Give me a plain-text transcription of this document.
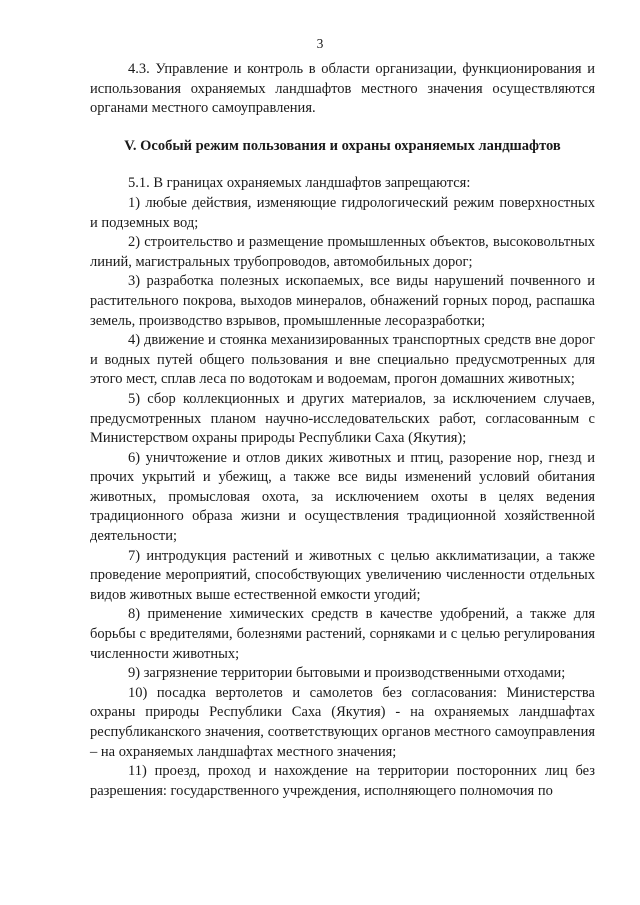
3

4.3. Управление и контроль в области организации, функционирования и использования охраняемых ландшафтов местного значения осуществляются органами местного самоуправления.

V. Особый режим пользования и охраны охраняемых ландшафтов

5.1. В границах охраняемых ландшафтов запрещаются:

1) любые действия, изменяющие гидрологический режим поверхностных и подземных вод;

2) строительство и размещение промышленных объектов, высоковольтных линий, магистральных трубопроводов, автомобильных дорог;

3) разработка полезных ископаемых, все виды нарушений почвенного и растительного покрова, выходов минералов, обнажений горных пород, распашка земель, производство взрывов, промышленные лесоразработки;

4) движение и стоянка механизированных транспортных средств вне дорог и водных путей общего пользования и вне специально предусмотренных для этого мест, сплав леса по водотокам и водоемам, прогон домашних животных;

5) сбор коллекционных и других материалов, за исключением случаев, предусмотренных планом научно-исследовательских работ, согласованным с Министерством охраны природы Республики Саха (Якутия);

6) уничтожение и отлов диких животных и птиц, разорение нор, гнезд и прочих укрытий и убежищ, а также все виды изменений условий обитания животных, промысловая охота, за исключением охоты в целях ведения традиционного образа жизни и осуществления традиционной хозяйственной деятельности;

7) интродукция растений и животных с целью акклиматизации, а также проведение мероприятий, способствующих увеличению численности отдельных видов животных выше естественной емкости угодий;

8) применение химических средств в качестве удобрений, а также для борьбы с вредителями, болезнями растений, сорняками и с целью регулирования численности животных;

9) загрязнение территории бытовыми и производственными отходами;

10) посадка вертолетов и самолетов без согласования: Министерства охраны природы Республики Саха (Якутия) - на охраняемых ландшафтах республиканского значения, соответствующих органов местного самоуправления – на охраняемых ландшафтах местного значения;

11) проезд, проход и нахождение на территории посторонних лиц без разрешения: государственного учреждения, исполняющего полномочия по
